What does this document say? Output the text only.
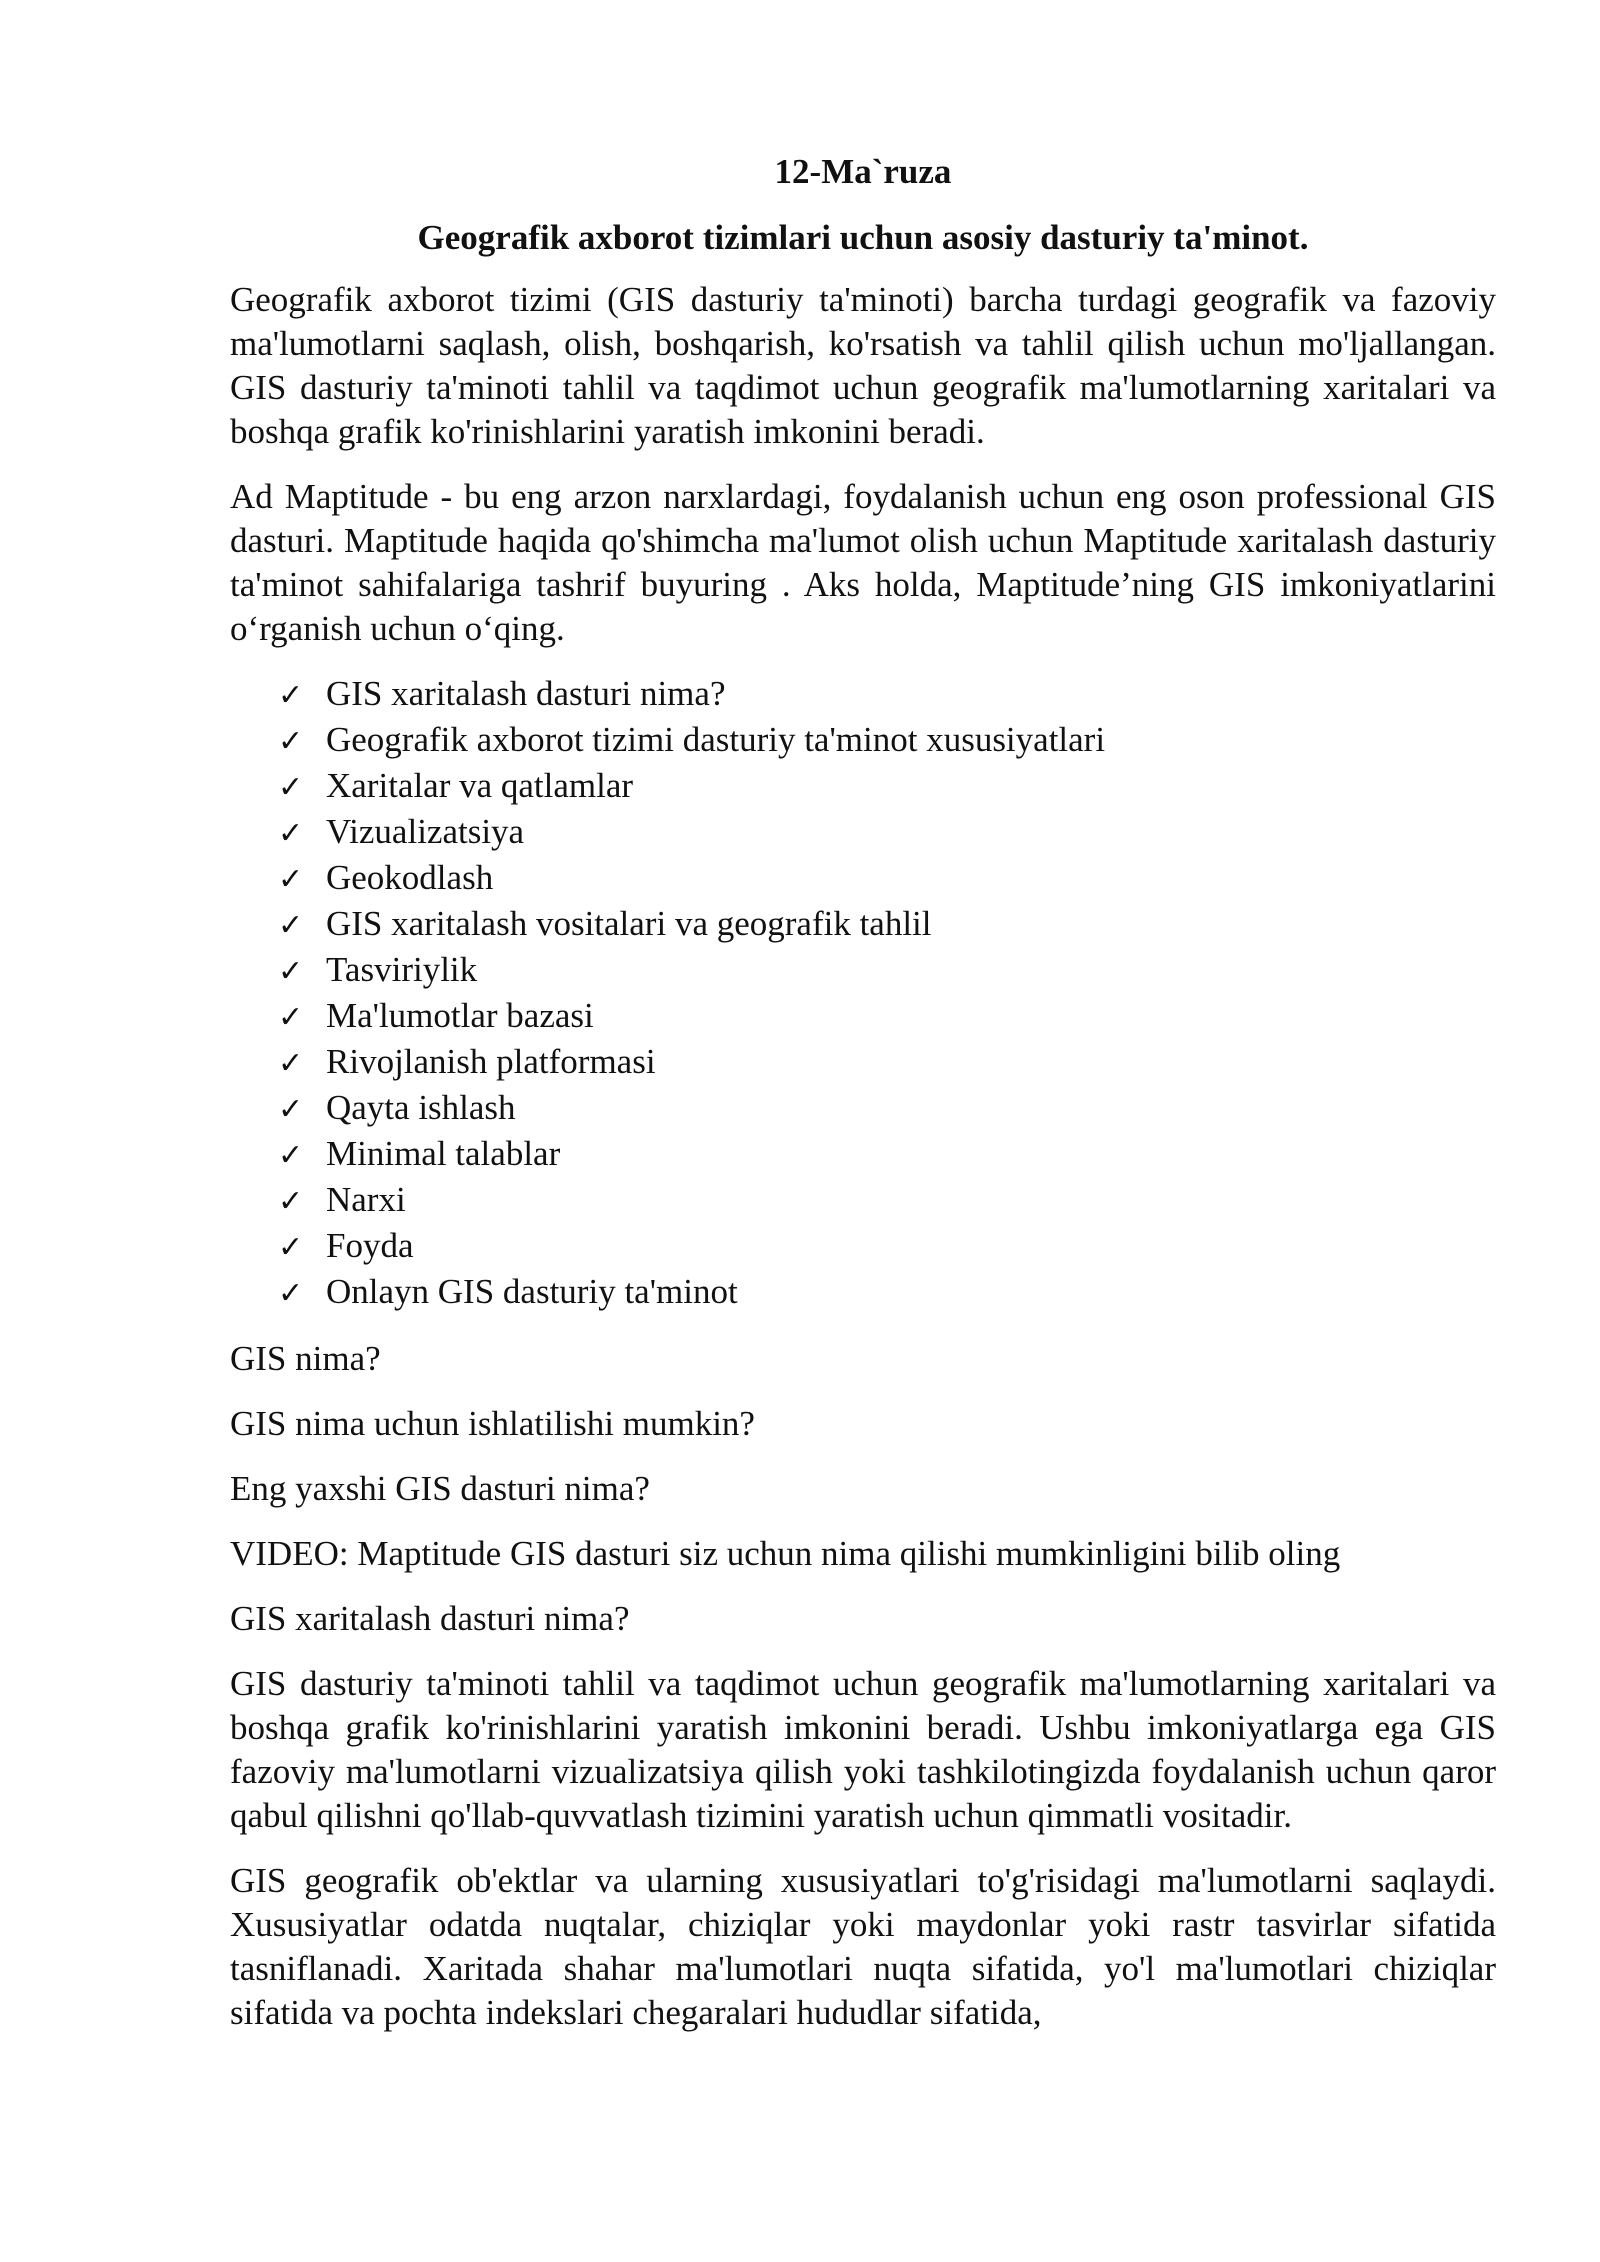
12-Ma`ruza
Geografik axborot tizimlari uchun asosiy dasturiy ta'minot.

Geografik axborot tizimi (GIS dasturiy ta'minoti) barcha turdagi geografik va fazoviy ma'lumotlarni saqlash, olish, boshqarish, ko'rsatish va tahlil qilish uchun mo'ljallangan. GIS dasturiy ta'minoti tahlil va taqdimot uchun geografik ma'lumotlarning xaritalari va boshqa grafik ko'rinishlarini yaratish imkonini beradi.

Ad Maptitude - bu eng arzon narxlardagi, foydalanish uchun eng oson professional GIS dasturi. Maptitude haqida qo'shimcha ma'lumot olish uchun Maptitude xaritalash dasturiy ta'minot sahifalariga tashrif buyuring . Aks holda, Maptitude’ning GIS imkoniyatlarini o‘rganish uchun o‘qing.

✓ GIS xaritalash dasturi nima?
✓ Geografik axborot tizimi dasturiy ta'minot xususiyatlari
✓ Xaritalar va qatlamlar
✓ Vizualizatsiya
✓ Geokodlash
✓ GIS xaritalash vositalari va geografik tahlil
✓ Tasviriylik
✓ Ma'lumotlar bazasi
✓ Rivojlanish platformasi
✓ Qayta ishlash
✓ Minimal talablar
✓ Narxi
✓ Foyda
✓ Onlayn GIS dasturiy ta'minot

GIS nima?

GIS nima uchun ishlatilishi mumkin?

Eng yaxshi GIS dasturi nima?

VIDEO: Maptitude GIS dasturi siz uchun nima qilishi mumkinligini bilib oling

GIS xaritalash dasturi nima?

GIS dasturiy ta'minoti tahlil va taqdimot uchun geografik ma'lumotlarning xaritalari va boshqa grafik ko'rinishlarini yaratish imkonini beradi. Ushbu imkoniyatlarga ega GIS fazoviy ma'lumotlarni vizualizatsiya qilish yoki tashkilotingizda foydalanish uchun qaror qabul qilishni qo'llab-quvvatlash tizimini yaratish uchun qimmatli vositadir.

GIS geografik ob'ektlar va ularning xususiyatlari to'g'risidagi ma'lumotlarni saqlaydi. Xususiyatlar odatda nuqtalar, chiziqlar yoki maydonlar yoki rastr tasvirlar sifatida tasniflanadi. Xaritada shahar ma'lumotlari nuqta sifatida, yo'l ma'lumotlari chiziqlar sifatida va pochta indekslari chegaralari hududlar sifatida,
